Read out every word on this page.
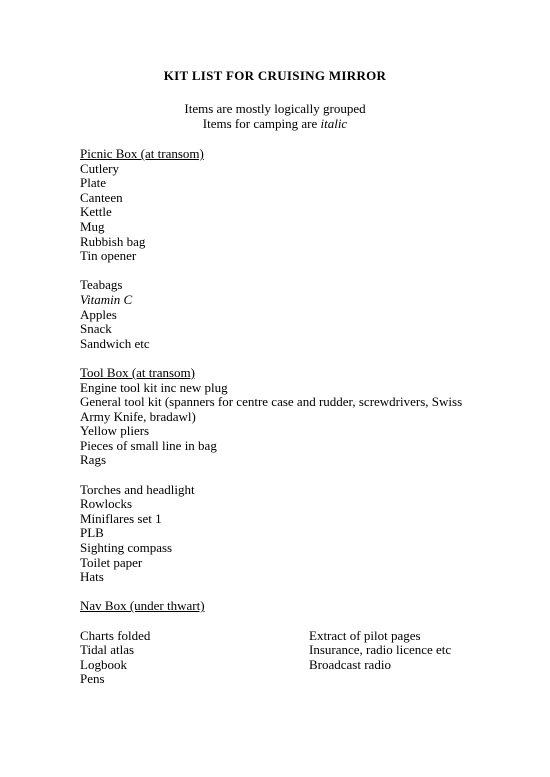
KIT LIST FOR CRUISING MIRROR

Items are mostly logically grouped

Items for camping are italic

Picnic Box (at transom)
Cutlery
Plate
Canteen
Kettle
Mug
Rubbish bag
Tin opener
Teabags
Vitamin C
Apples
Snack
Sandwich etc
Tool Box (at transom)
Engine tool kit inc new plug
General tool kit (spanners for centre case and rudder, screwdrivers, Swiss Army Knife, bradawl)
Yellow pliers
Pieces of small line in bag
Rags
Torches and headlight
Rowlocks
Miniflares set 1
PLB
Sighting compass
Toilet paper
Hats
Nav Box (under thwart)
Charts folded
Tidal atlas
Logbook
Pens
Extract of pilot pages
Insurance, radio licence etc
Broadcast radio
